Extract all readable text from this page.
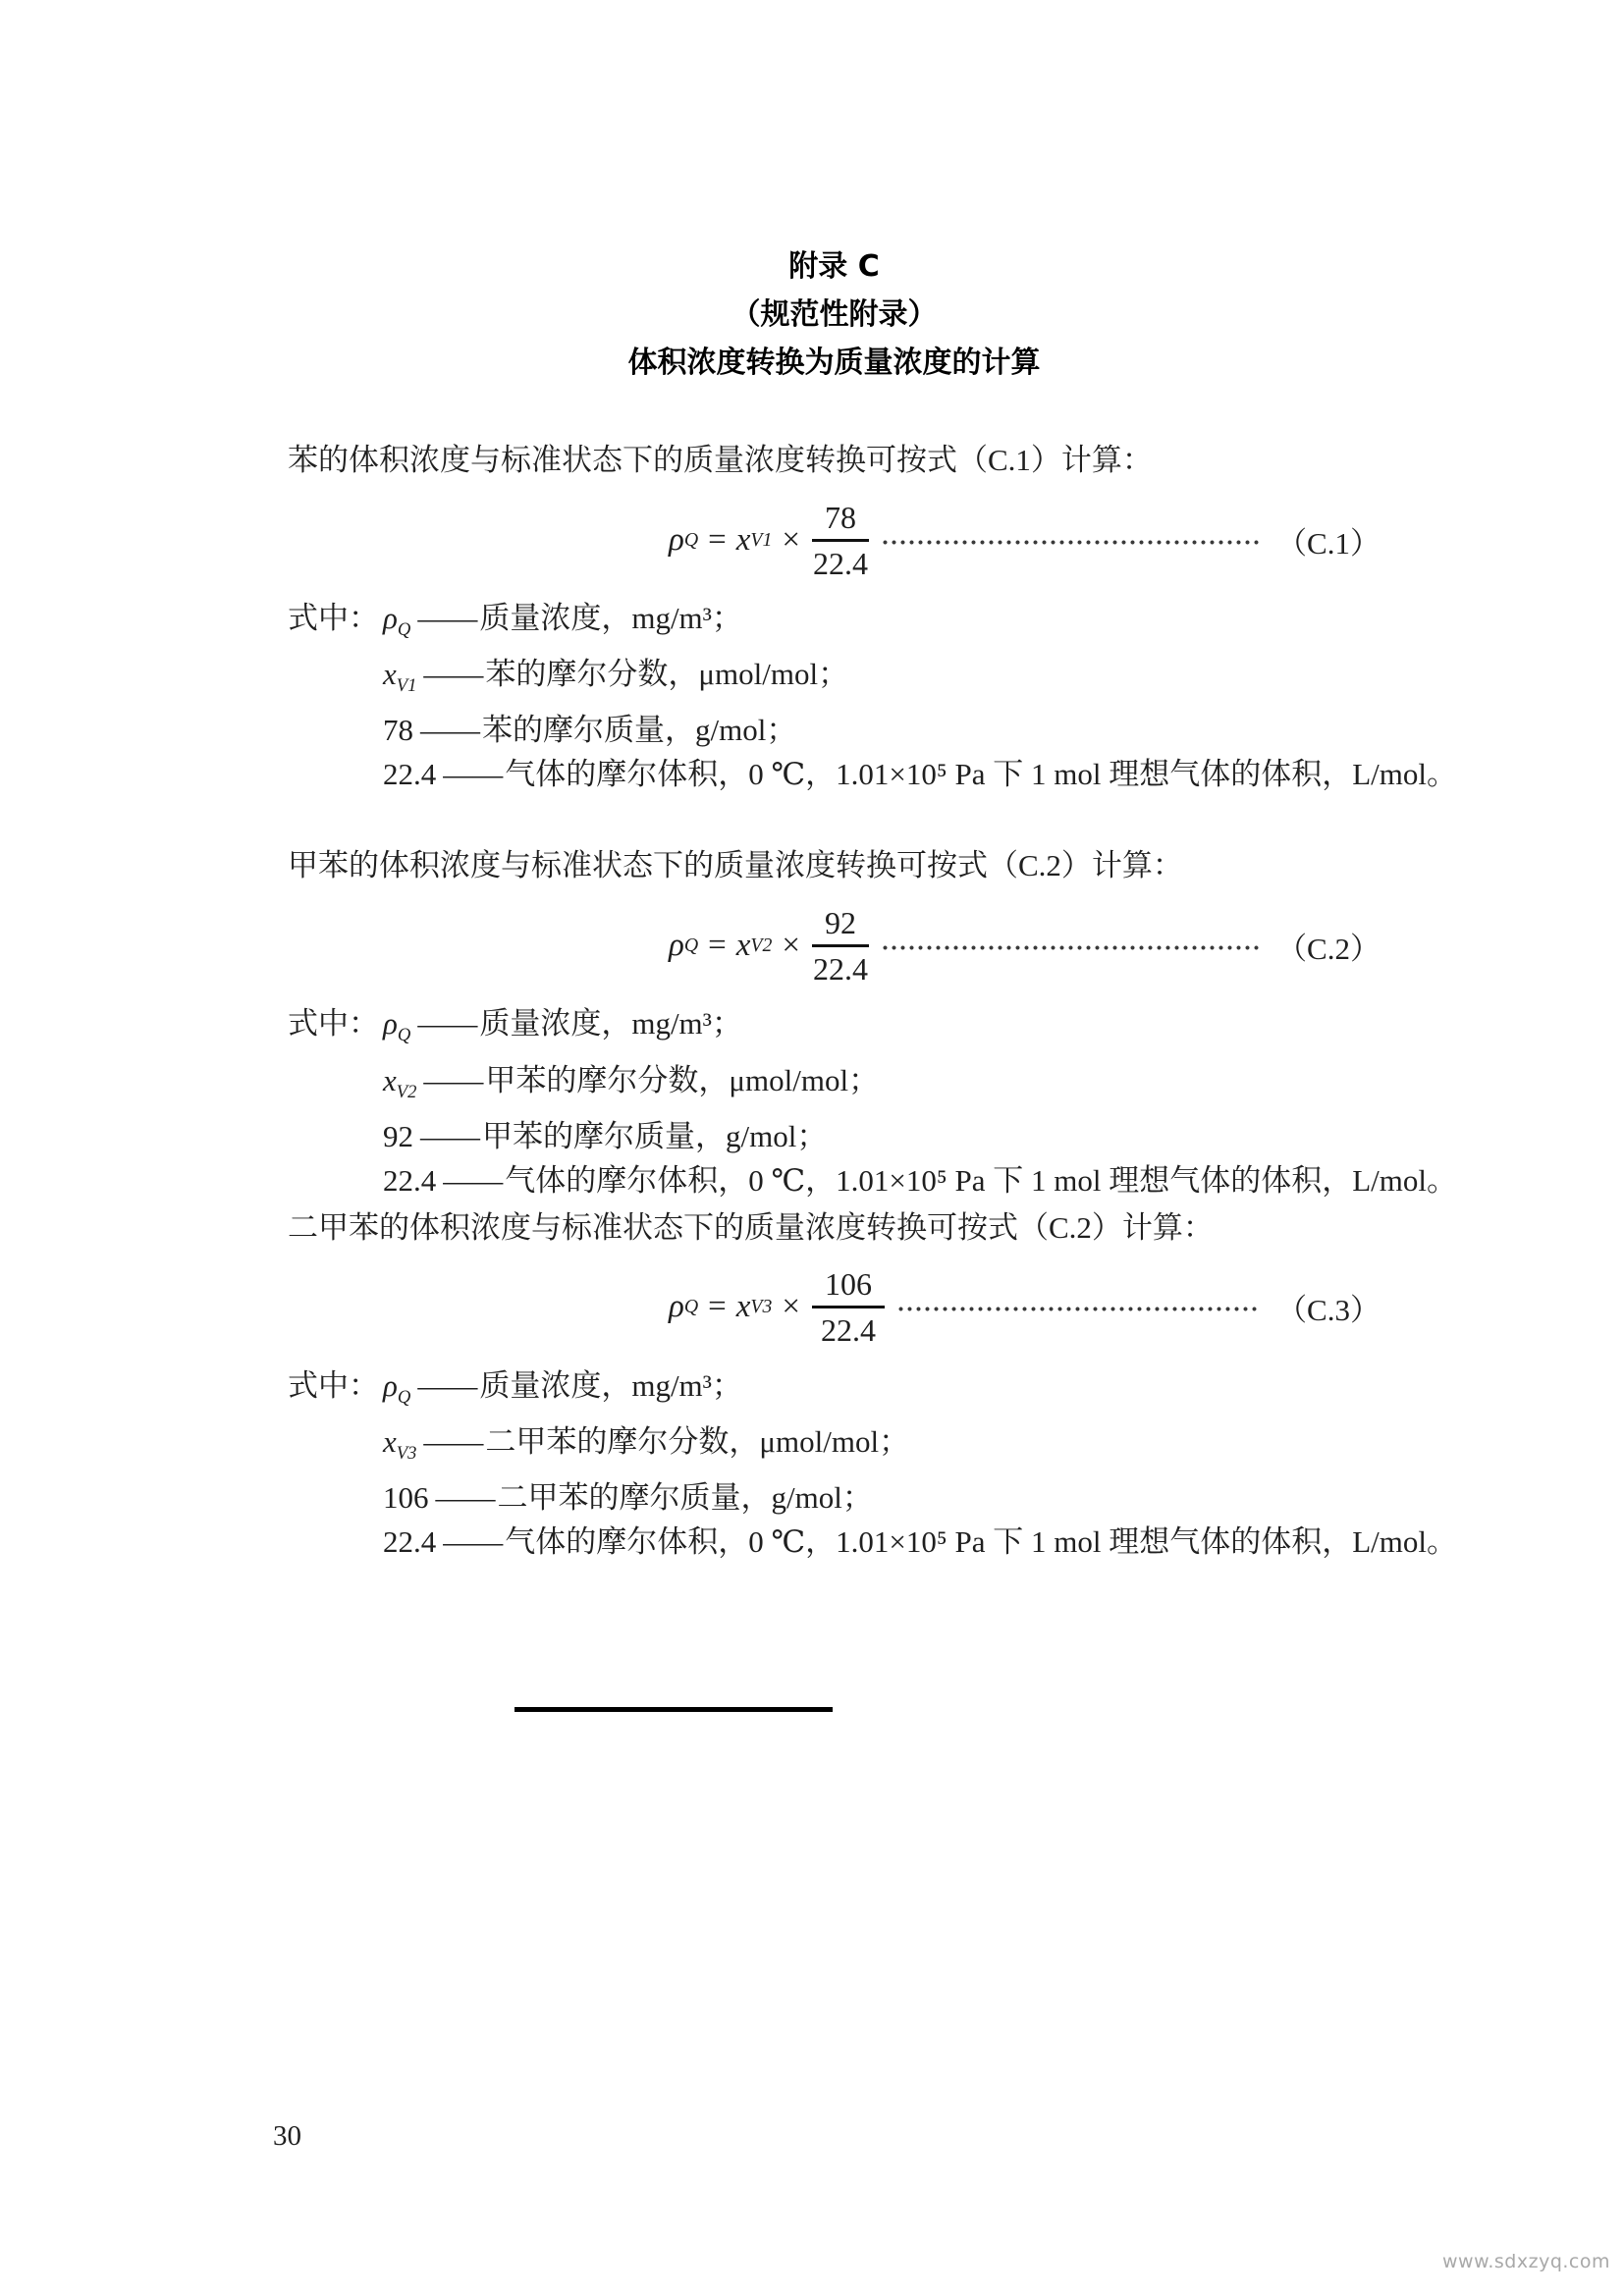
附录 C
（规范性附录）
体积浓度转换为质量浓度的计算

苯的体积浓度与标准状态下的质量浓度转换可按式（C.1）计算：

ρ Q = x $V1 \times \frac{78}{22.4}$	（C.1）
式中： $\rho_Q$ ——质量浓度，mg/m³；
$x_{V1}$ ——苯的摩尔分数，μmol/mol；
78 ——苯的摩尔质量，g/mol；
22.4 ——气体的摩尔体积，0 ℃，1.01×10⁵ Pa 下 1 mol 理想气体的体积，L/mol。

甲苯的体积浓度与标准状态下的质量浓度转换可按式（C.2）计算：

ρ Q = x $V2 \times \frac{92}{22.4}$	（C.2）
式中： $\rho_Q$ ——质量浓度，mg/m³；
$x_{V2}$ ——甲苯的摩尔分数，μmol/mol；
92 ——甲苯的摩尔质量，g/mol；
22.4 ——气体的摩尔体积，0 ℃，1.01×10⁵ Pa 下 1 mol 理想气体的体积，L/mol。

二甲苯的体积浓度与标准状态下的质量浓度转换可按式（C.2）计算：

ρ Q = x $V3 \times \frac{106}{22.4}$	（C.3）
式中： $\rho_Q$ ——质量浓度，mg/m³；
$x_{V3}$ ——二甲苯的摩尔分数，μmol/mol；
106 ——二甲苯的摩尔质量，g/mol；
22.4 ——气体的摩尔体积，0 ℃，1.01×10⁵ Pa 下 1 mol 理想气体的体积，L/mol。
30
www.sdxzyq.com
